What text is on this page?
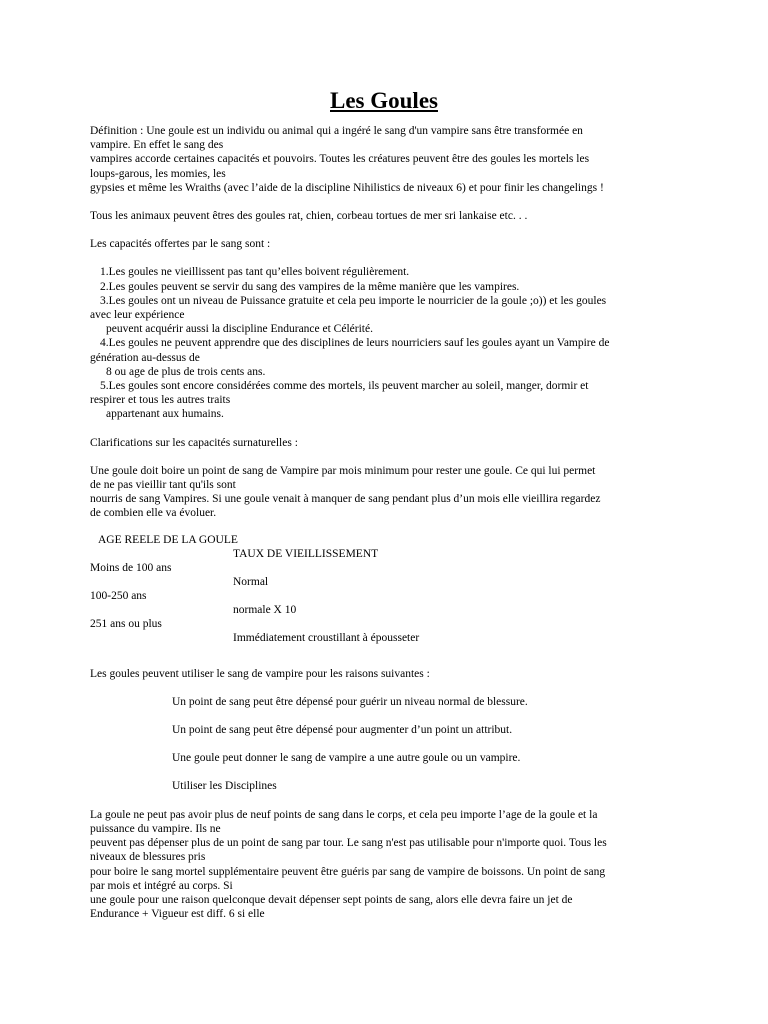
Les Goules

Définition : Une goule est un individu ou animal qui a ingéré le sang d'un vampire sans être transformée en

vampire. En effet le sang des

vampires accorde certaines capacités et pouvoirs. Toutes les créatures peuvent être des goules les mortels les

loups-garous, les momies, les

gypsies et même les Wraiths (avec l’aide de la discipline Nihilistics de niveaux 6) et pour finir les changelings !

Tous les animaux peuvent êtres des goules rat, chien, corbeau tortues de mer sri lankaise etc. . .

Les capacités offertes par le sang sont :

1.Les goules ne vieillissent pas tant qu’elles boivent régulièrement.

2.Les goules peuvent se servir du sang des vampires de la même manière que les vampires.

3.Les goules ont un niveau de Puissance gratuite et cela peu importe le nourricier de la goule ;o)) et les goules

avec leur expérience

peuvent acquérir aussi la discipline Endurance et Célérité.

4.Les goules ne peuvent apprendre que des disciplines de leurs nourriciers sauf les goules ayant un Vampire de

génération au-dessus de

8 ou age de plus de trois cents ans.

5.Les goules sont encore considérées comme des mortels, ils peuvent marcher au soleil, manger, dormir et

respirer et tous les autres traits

appartenant aux humains.

Clarifications sur les capacités surnaturelles :

Une goule doit boire un point de sang de Vampire par mois minimum pour rester une goule. Ce qui lui permet

de ne pas vieillir tant qu'ils sont

nourris de sang Vampires. Si une goule venait à manquer de sang pendant plus d’un mois elle vieillira regardez

de combien elle va évoluer.

AGE REELE DE LA GOULE
TAUX DE VIEILLISSEMENT
Moins de 100 ans
Normal
100-250 ans
normale X 10
251 ans ou plus
Immédiatement croustillant à épousseter

Les goules peuvent utiliser le sang de vampire pour les raisons suivantes :

Un point de sang peut être dépensé pour guérir un niveau normal de blessure.

Un point de sang peut être dépensé pour augmenter d’un point un attribut.

Une goule peut donner le sang de vampire a une autre goule ou un vampire.

Utiliser les Disciplines

La goule ne peut pas avoir plus de neuf points de sang dans le corps, et cela peu importe l’age de la goule et la

puissance du vampire. Ils ne

peuvent pas dépenser plus de un point de sang par tour. Le sang n'est pas utilisable pour n'importe quoi. Tous les

niveaux de blessures pris

pour boire le sang mortel supplémentaire peuvent être guéris par sang de vampire de boissons. Un point de sang

par mois et intégré au corps. Si

une goule pour une raison quelconque devait dépenser sept points de sang, alors elle devra faire un jet de

Endurance + Vigueur est diff. 6 si elle
